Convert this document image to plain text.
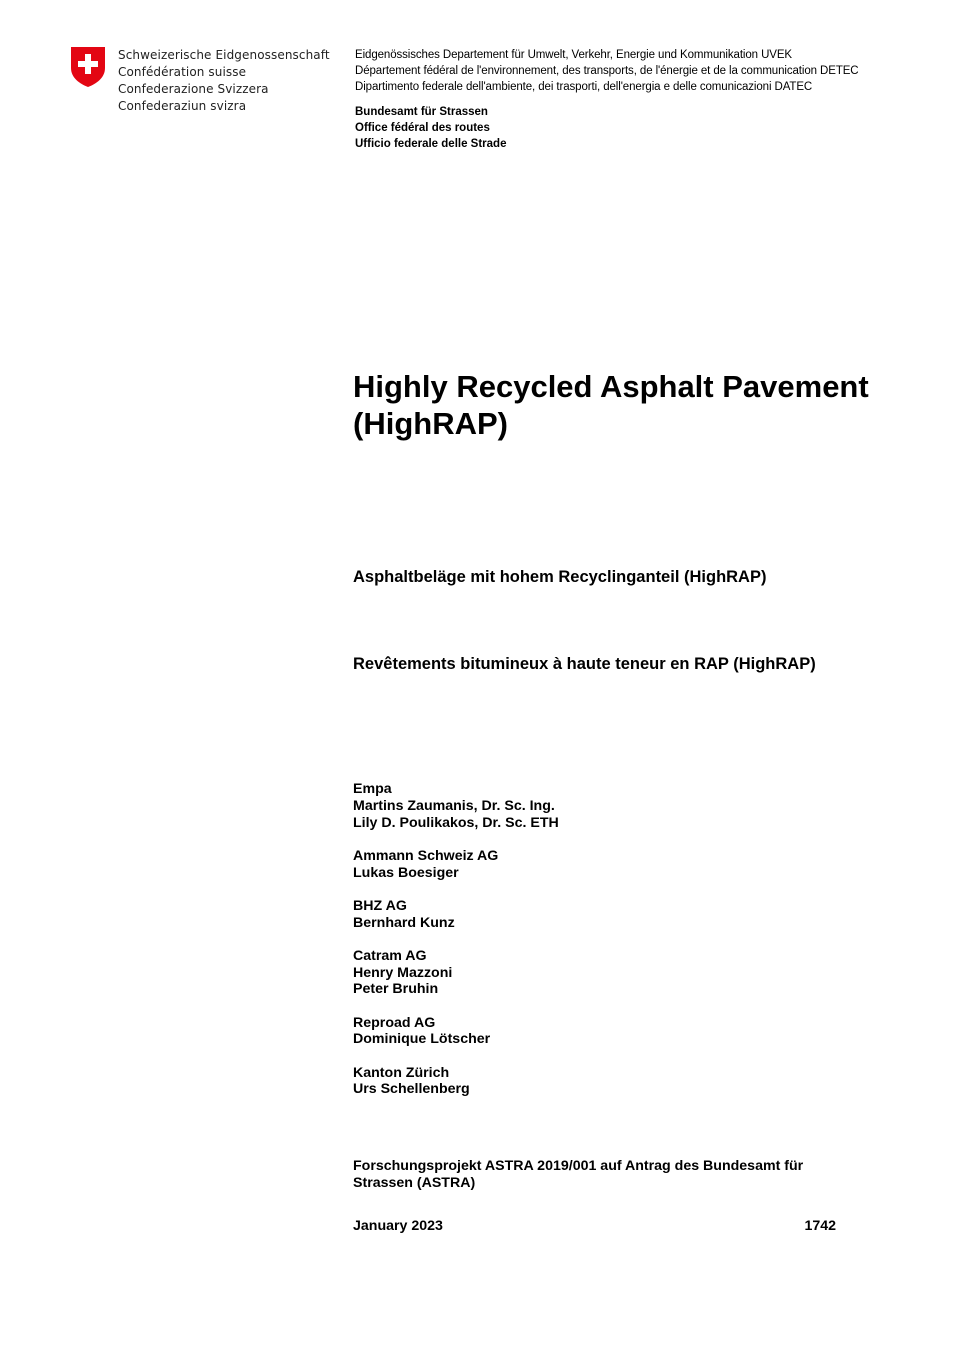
Schweizerische Eidgenossenschaft
Confédération suisse
Confederazione Svizzera
Confederaziun svizra
Eidgenössisches Departement für Umwelt, Verkehr, Energie und Kommunikation UVEK
Département fédéral de l'environnement, des transports, de l'énergie et de la communication DETEC
Dipartimento federale dell'ambiente, dei trasporti, dell'energia e delle comunicazioni DATEC
Bundesamt für Strassen
Office fédéral des routes
Ufficio federale delle Strade
Highly Recycled Asphalt Pavement (HighRAP)
Asphaltbeläge mit hohem Recyclinganteil (HighRAP)
Revêtements bitumineux à haute teneur en RAP (HighRAP)
Empa
Martins Zaumanis, Dr. Sc. Ing.
Lily D. Poulikakos, Dr. Sc. ETH
Ammann Schweiz AG
Lukas Boesiger
BHZ AG
Bernhard Kunz
Catram AG
Henry Mazzoni
Peter Bruhin
Reproad AG
Dominique Lötscher
Kanton Zürich
Urs Schellenberg
Forschungsprojekt ASTRA 2019/001 auf Antrag des Bundesamt für Strassen (ASTRA)
January 2023	1742
